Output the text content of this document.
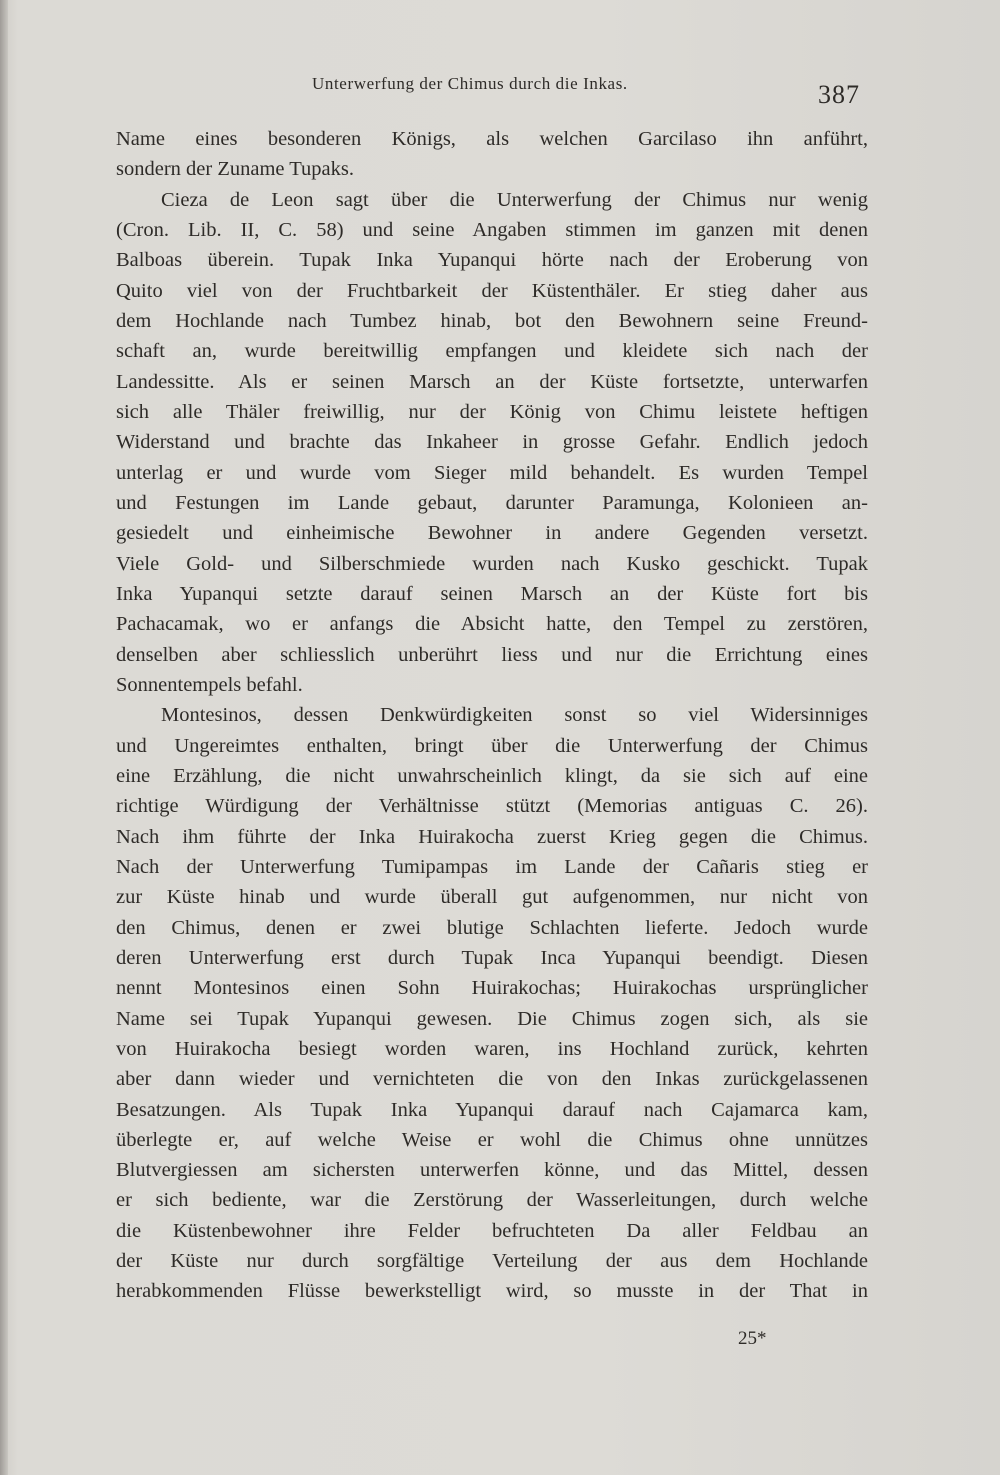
Unterwerfung der Chimus durch die Inkas.	387
Name eines besonderen Königs, als welchen Garcilaso ihn anführt,
sondern der Zuname Tupaks.
Cieza de Leon sagt über die Unterwerfung der Chimus nur wenig
(Cron. Lib. II, C. 58) und seine Angaben stimmen im ganzen mit denen
Balboas überein. Tupak Inka Yupanqui hörte nach der Eroberung von
Quito viel von der Fruchtbarkeit der Küstenthäler. Er stieg daher aus
dem Hochlande nach Tumbez hinab, bot den Bewohnern seine Freund-
schaft an, wurde bereitwillig empfangen und kleidete sich nach der
Landessitte. Als er seinen Marsch an der Küste fortsetzte, unterwarfen
sich alle Thäler freiwillig, nur der König von Chimu leistete heftigen
Widerstand und brachte das Inkaheer in grosse Gefahr. Endlich jedoch
unterlag er und wurde vom Sieger mild behandelt. Es wurden Tempel
und Festungen im Lande gebaut, darunter Paramunga, Kolonieen an-
gesiedelt und einheimische Bewohner in andere Gegenden versetzt.
Viele Gold- und Silberschmiede wurden nach Kusko geschickt. Tupak
Inka Yupanqui setzte darauf seinen Marsch an der Küste fort bis
Pachacamak, wo er anfangs die Absicht hatte, den Tempel zu zerstören,
denselben aber schliesslich unberührt liess und nur die Errichtung eines
Sonnentempels befahl.
Montesinos, dessen Denkwürdigkeiten sonst so viel Widersinniges
und Ungereimtes enthalten, bringt über die Unterwerfung der Chimus
eine Erzählung, die nicht unwahrscheinlich klingt, da sie sich auf eine
richtige Würdigung der Verhältnisse stützt (Memorias antiguas C. 26).
Nach ihm führte der Inka Huirakocha zuerst Krieg gegen die Chimus.
Nach der Unterwerfung Tumipampas im Lande der Cañaris stieg er
zur Küste hinab und wurde überall gut aufgenommen, nur nicht von
den Chimus, denen er zwei blutige Schlachten lieferte. Jedoch wurde
deren Unterwerfung erst durch Tupak Inca Yupanqui beendigt. Diesen
nennt Montesinos einen Sohn Huirakochas; Huirakochas ursprünglicher
Name sei Tupak Yupanqui gewesen. Die Chimus zogen sich, als sie
von Huirakocha besiegt worden waren, ins Hochland zurück, kehrten
aber dann wieder und vernichteten die von den Inkas zurückgelassenen
Besatzungen. Als Tupak Inka Yupanqui darauf nach Cajamarca kam,
überlegte er, auf welche Weise er wohl die Chimus ohne unnützes
Blutvergiessen am sichersten unterwerfen könne, und das Mittel, dessen
er sich bediente, war die Zerstörung der Wasserleitungen, durch welche
die Küstenbewohner ihre Felder befruchteten Da aller Feldbau an
der Küste nur durch sorgfältige Verteilung der aus dem Hochlande
herabkommenden Flüsse bewerkstelligt wird, so musste in der That in
25*
